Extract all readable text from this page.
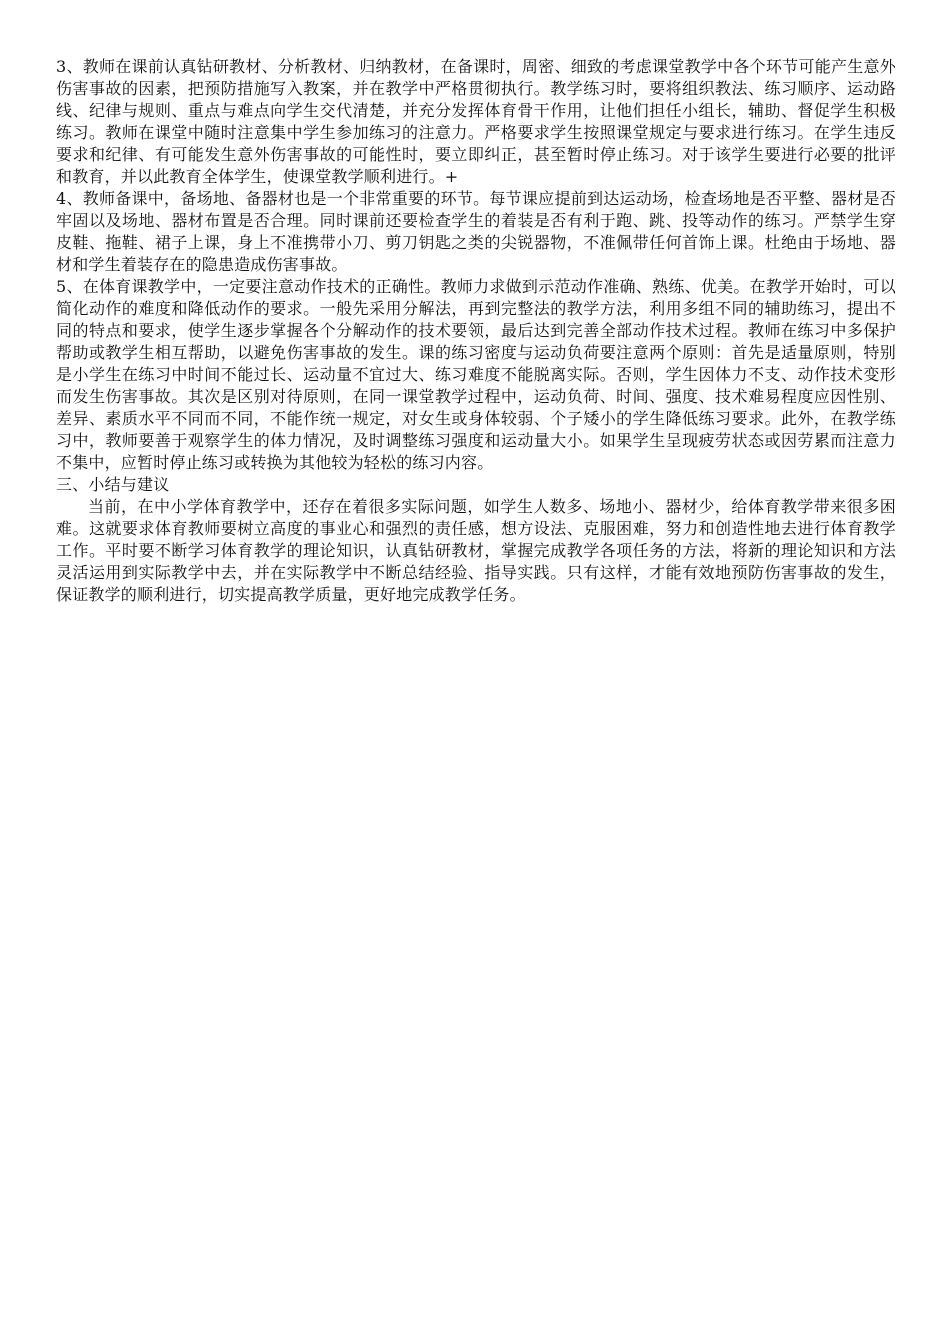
3、教师在课前认真钻研教材、分析教材、归纳教材，在备课时，周密、细致的考虑课堂教学中各个环节可能产生意外伤害事故的因素，把预防措施写入教案，并在教学中严格贯彻执行。教学练习时，要将组织教法、练习顺序、运动路线、纪律与规则、重点与难点向学生交代清楚，并充分发挥体育骨干作用，让他们担任小组长，辅助、督促学生积极练习。教师在课堂中随时注意集中学生参加练习的注意力。严格要求学生按照课堂规定与要求进行练习。在学生违反要求和纪律、有可能发生意外伤害事故的可能性时，要立即纠正，甚至暂时停止练习。对于该学生要进行必要的批评和教育，并以此教育全体学生，使课堂教学顺利进行。+

4、教师备课中，备场地、备器材也是一个非常重要的环节。每节课应提前到达运动场，检查场地是否平整、器材是否牢固以及场地、器材布置是否合理。同时课前还要检查学生的着装是否有利于跑、跳、投等动作的练习。严禁学生穿皮鞋、拖鞋、裙子上课，身上不准携带小刀、剪刀钥匙之类的尖锐器物，不准佩带任何首饰上课。杜绝由于场地、器材和学生着装存在的隐患造成伤害事故。

5、在体育课教学中，一定要注意动作技术的正确性。教师力求做到示范动作准确、熟练、优美。在教学开始时，可以简化动作的难度和降低动作的要求。一般先采用分解法，再到完整法的教学方法，利用多组不同的辅助练习，提出不同的特点和要求，使学生逐步掌握各个分解动作的技术要领，最后达到完善全部动作技术过程。教师在练习中多保护帮助或教学生相互帮助，以避免伤害事故的发生。课的练习密度与运动负荷要注意两个原则：首先是适量原则，特别是小学生在练习中时间不能过长、运动量不宜过大、练习难度不能脱离实际。否则，学生因体力不支、动作技术变形而发生伤害事故。其次是区别对待原则，在同一课堂教学过程中，运动负荷、时间、强度、技术难易程度应因性别、差异、素质水平不同而不同，不能作统一规定，对女生或身体较弱、个子矮小的学生降低练习要求。此外，在教学练习中，教师要善于观察学生的体力情况，及时调整练习强度和运动量大小。如果学生呈现疲劳状态或因劳累而注意力不集中，应暂时停止练习或转换为其他较为轻松的练习内容。

三、小结与建议

当前，在中小学体育教学中，还存在着很多实际问题，如学生人数多、场地小、器材少，给体育教学带来很多困难。这就要求体育教师要树立高度的事业心和强烈的责任感，想方设法、克服困难，努力和创造性地去进行体育教学工作。平时要不断学习体育教学的理论知识，认真钻研教材，掌握完成教学各项任务的方法，将新的理论知识和方法灵活运用到实际教学中去，并在实际教学中不断总结经验、指导实践。只有这样，才能有效地预防伤害事故的发生，保证教学的顺利进行，切实提高教学质量，更好地完成教学任务。
